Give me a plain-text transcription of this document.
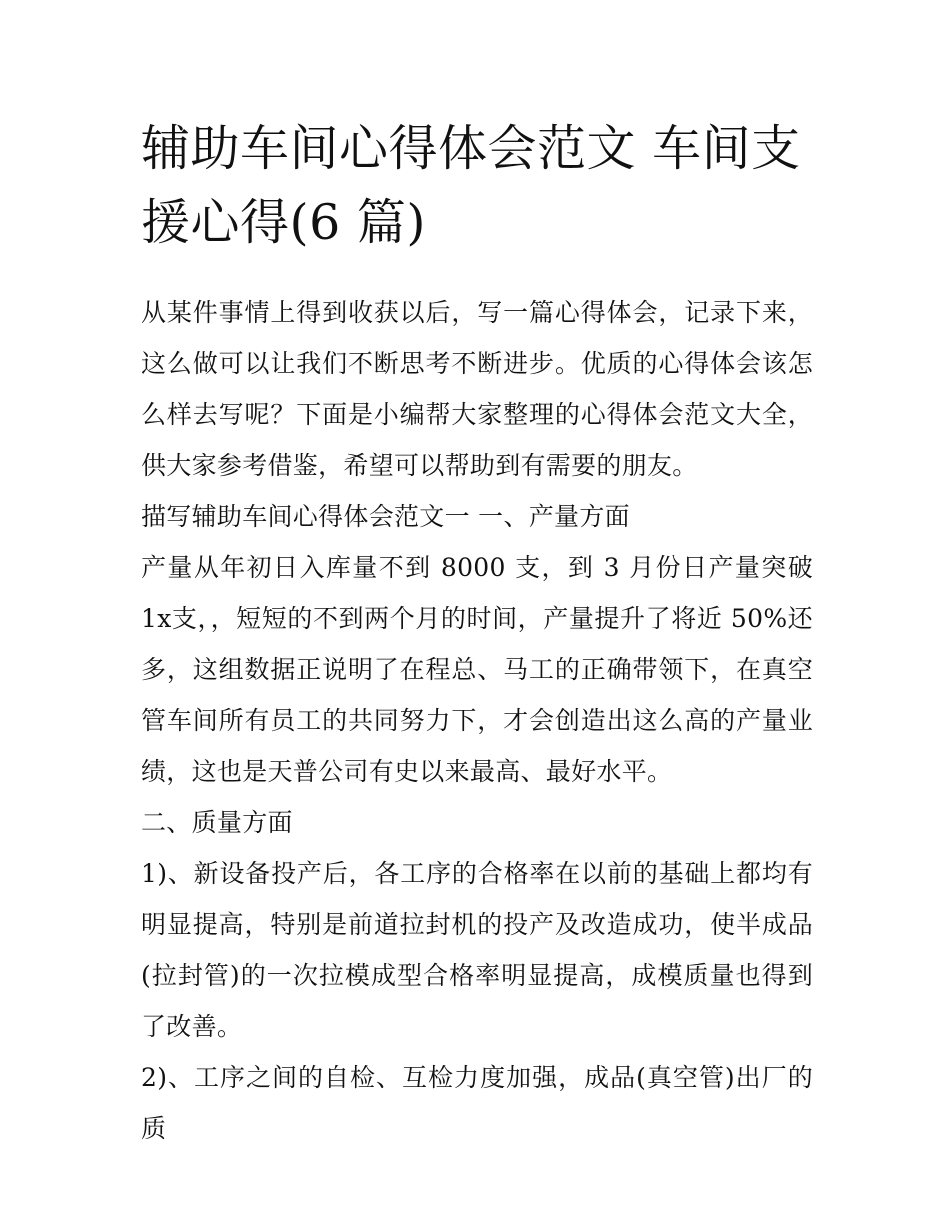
辅助车间心得体会范文 车间支
援心得(6 篇)

从某件事情上得到收获以后，写一篇心得体会，记录下来，这么做可以让我们不断思考不断进步。优质的心得体会该怎么样去写呢？下面是小编帮大家整理的心得体会范文大全，供大家参考借鉴，希望可以帮助到有需要的朋友。

描写辅助车间心得体会范文一 一、产量方面

产量从年初日入库量不到 8000 支，到 3 月份日产量突破 1x支，，短短的不到两个月的时间，产量提升了将近 50%还多，这组数据正说明了在程总、马工的正确带领下，在真空管车间所有员工的共同努力下，才会创造出这么高的产量业绩，这也是天普公司有史以来最高、最好水平。

二、质量方面

1)、新设备投产后，各工序的合格率在以前的基础上都均有明显提高，特别是前道拉封机的投产及改造成功，使半成品(拉封管)的一次拉模成型合格率明显提高，成模质量也得到了改善。

2)、工序之间的自检、互检力度加强，成品(真空管)出厂的质
